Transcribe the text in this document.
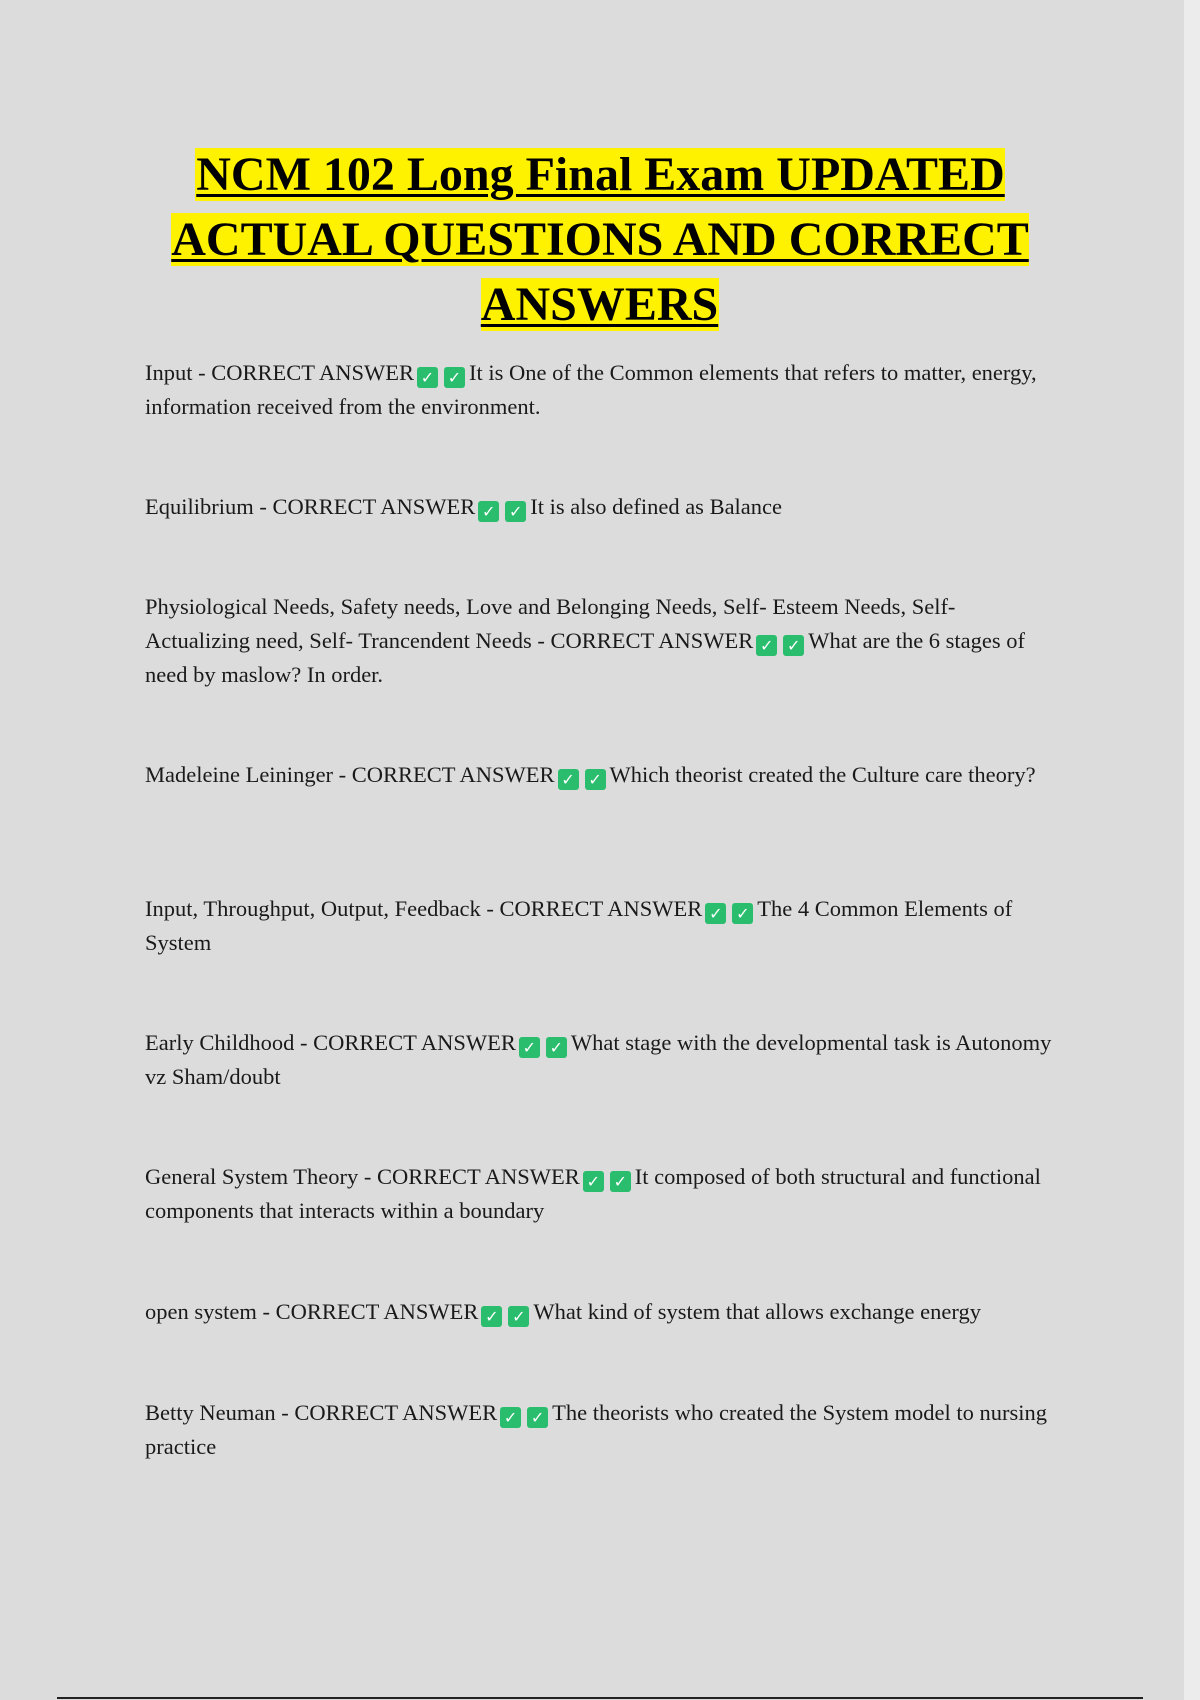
NCM 102 Long Final Exam UPDATED ACTUAL QUESTIONS AND CORRECT ANSWERS
Input - CORRECT ANSWER ✓ ✓ It is One of the Common elements that refers to matter, energy, information received from the environment.
Equilibrium - CORRECT ANSWER ✓ ✓ It is also defined as Balance
Physiological Needs, Safety needs, Love and Belonging Needs, Self- Esteem Needs, Self-Actualizing need, Self- Trancendent Needs - CORRECT ANSWER ✓ ✓ What are the 6 stages of need by maslow? In order.
Madeleine Leininger - CORRECT ANSWER ✓ ✓ Which theorist created the Culture care theory?
Input, Throughput, Output, Feedback - CORRECT ANSWER ✓ ✓ The 4 Common Elements of System
Early Childhood - CORRECT ANSWER ✓ ✓ What stage with the developmental task is Autonomy vz Sham/doubt
General System Theory - CORRECT ANSWER ✓ ✓ It composed of both structural and functional components that interacts within a boundary
open system - CORRECT ANSWER ✓ ✓ What kind of system that allows exchange energy
Betty Neuman - CORRECT ANSWER ✓ ✓ The theorists who created the System model to nursing practice
